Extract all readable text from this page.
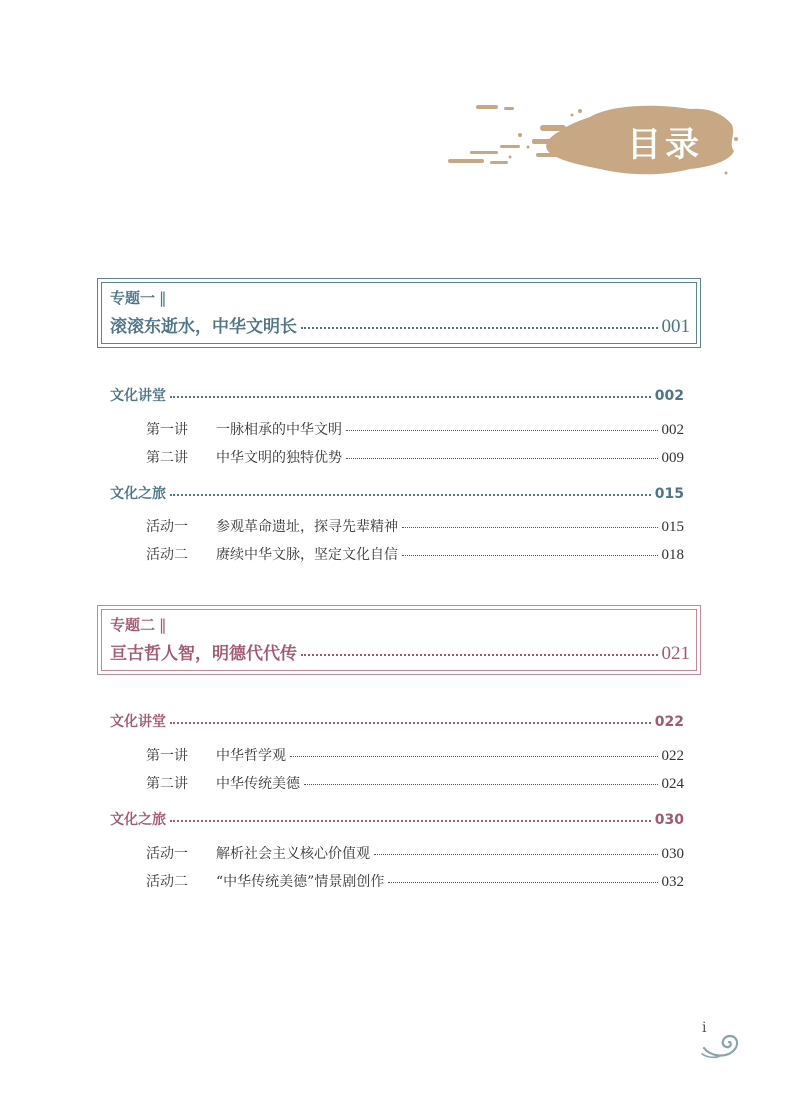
目录
专题一 ‖
滚滚东逝水，中华文明长	001
文化讲堂	002
第一讲	一脉相承的中华文明	002
第二讲	中华文明的独特优势	009
文化之旅	015
活动一	参观革命遗址，探寻先辈精神	015
活动二	赓续中华文脉，坚定文化自信	018
专题二 ‖
亘古哲人智，明德代代传	021
文化讲堂	022
第一讲	中华哲学观	022
第二讲	中华传统美德	024
文化之旅	030
活动一	解析社会主义核心价值观	030
活动二	“中华传统美德”情景剧创作	032
i
